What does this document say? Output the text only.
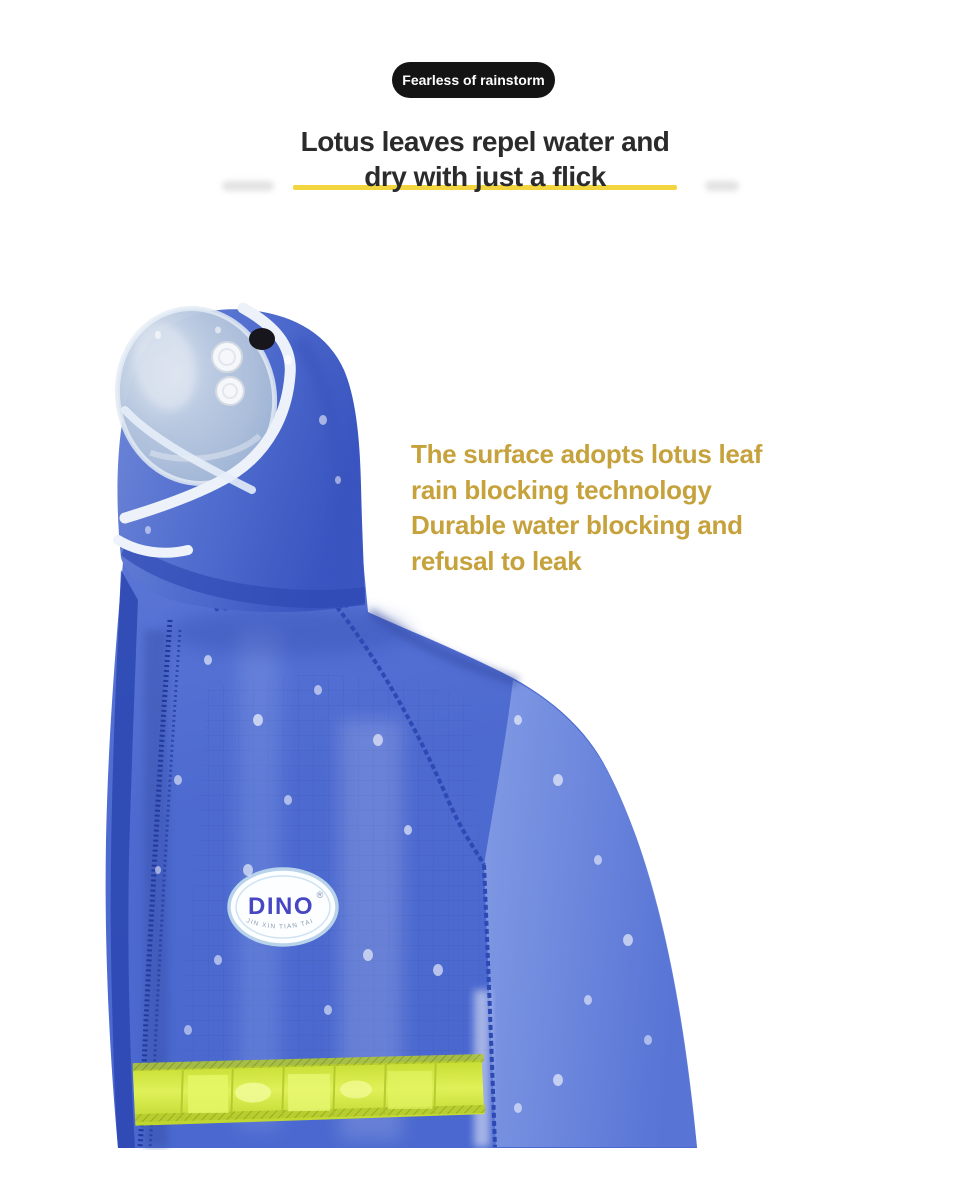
Fearless of rainstorm
Lotus leaves repel water and
dry with just a flick
The surface adopts lotus leaf
rain blocking technology
Durable water blocking and
refusal to leak
DINO ®
JIN XIN TIAN TAI
